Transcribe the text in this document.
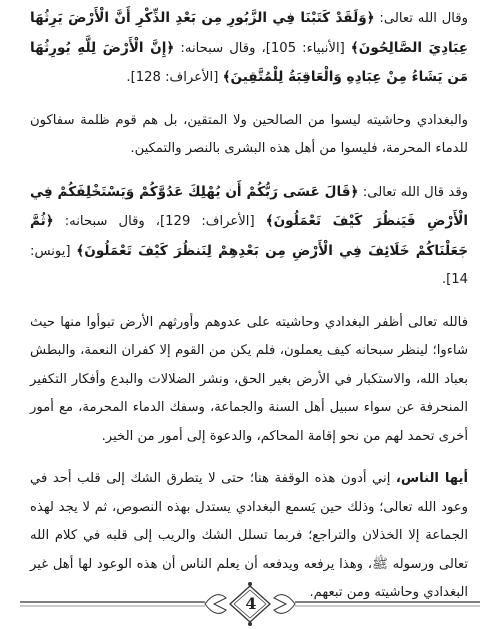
وقال الله تعالى: ﴿وَلَقَدْ كَتَبْنَا فِي الزَّبُورِ مِن بَعْدِ الذِّكْرِ أَنَّ الْأَرْضَ يَرِثُهَا عِبَادِيَ الصَّالِحُونَ﴾ [الأنبياء: 105]، وقال سبحانه: ﴿إِنَّ الْأَرْضَ لِلَّهِ يُورِثُهَا مَن يَشَاءُ مِنْ عِبَادِهِ وَالْعَاقِبَةُ لِلْمُتَّقِينَ﴾ [الأعراف: 128].

والبغدادي وحاشيته ليسوا من الصالحين ولا المتقين، بل هم قوم ظلمة سفاكون للدماء المحرمة، فليسوا من أهل هذه البشرى بالنصر والتمكين.

وقد قال الله تعالى: ﴿قَالَ عَسَى رَبُّكُمْ أَن يُهْلِكَ عَدُوَّكُمْ وَيَسْتَخْلِفَكُمْ فِي الْأَرْضِ فَيَنظُرَ كَيْفَ تَعْمَلُونَ﴾ [الأعراف: 129]، وقال سبحانه: ﴿ثُمَّ جَعَلْنَاكُمْ خَلَائِفَ فِي الْأَرْضِ مِن بَعْدِهِمْ لِنَنظُرَ كَيْفَ تَعْمَلُونَ﴾ [يونس: 14].

فالله تعالى أظفر البغدادي وحاشيته على عدوهم وأورثهم الأرض تبوأوا منها حيث شاءوا؛ لينظر سبحانه كيف يعملون، فلم يكن من القوم إلا كفران النعمة، والبطش بعباد الله، والاستكبار في الأرض بغير الحق، ونشر الضلالات والبدع وأفكار التكفير المنحرفة عن سواء سبيل أهل السنة والجماعة، وسفك الدماء المحرمة، مع أمور أخرى تحمد لهم من نحو إقامة المحاكم، والدعوة إلى أمور من الخير.

أيها الناس، إني أدون هذه الوقفة هنا؛ حتى لا يتطرق الشك إلى قلب أحد في وعود الله تعالى؛ وذلك حين يَسمع البغدادي يستدل بهذه النصوص، ثم لا يجد لهذه الجماعة إلا الخذلان والتراجع؛ فربما تسلل الشك والريب إلى قلبه في كلام الله تعالى ورسوله ﷺ، وهذا يرفعه ويدفعه أن يعلم الناس أن هذه الوعود لها أهل غير البغدادي وحاشيته ومن تبعهم.

4
